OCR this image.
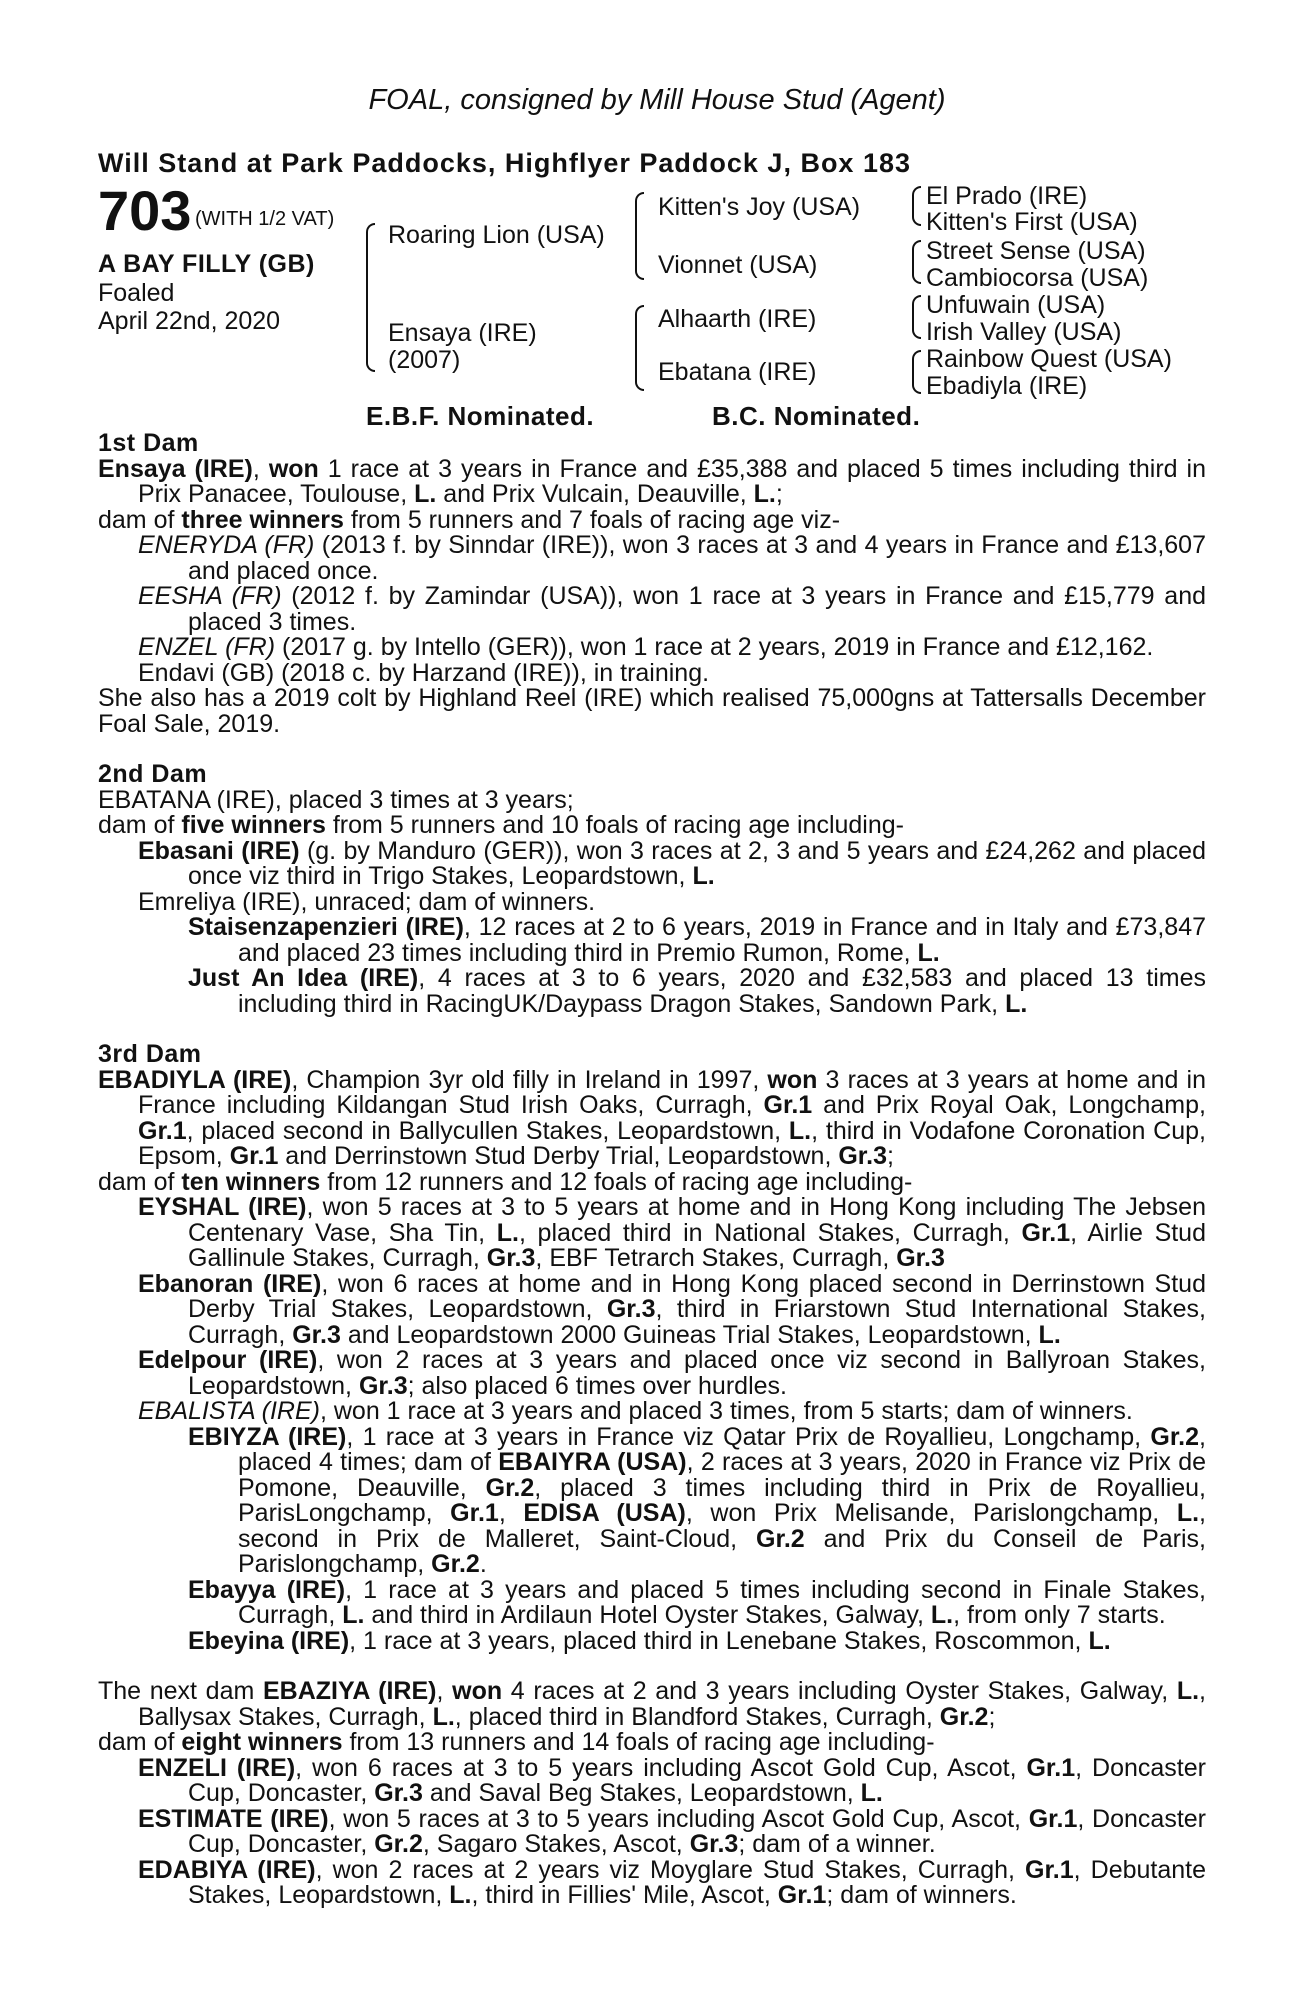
FOAL, consigned by Mill House Stud (Agent)
Will Stand at Park Paddocks, Highflyer Paddock J, Box 183
703 (WITH 1/2 VAT)
A BAY FILLY (GB)
Foaled
April 22nd, 2020
Roaring Lion (USA)
Ensaya (IRE)
(2007)
Kitten's Joy (USA)
Vionnet (USA)
Alhaarth (IRE)
Ebatana (IRE)
El Prado (IRE)
Kitten's First (USA)
Street Sense (USA)
Cambiocorsa (USA)
Unfuwain (USA)
Irish Valley (USA)
Rainbow Quest (USA)
Ebadiyla (IRE)
E.B.F. Nominated.	B.C. Nominated.
1st Dam

Ensaya (IRE), won 1 race at 3 years in France and £35,388 and placed 5 times including third in Prix Panacee, Toulouse, L. and Prix Vulcain, Deauville, L.;

dam of three winners from 5 runners and 7 foals of racing age viz-

ENERYDA (FR) (2013 f. by Sinndar (IRE)), won 3 races at 3 and 4 years in France and £13,607 and placed once.

EESHA (FR) (2012 f. by Zamindar (USA)), won 1 race at 3 years in France and £15,779 and placed 3 times.

ENZEL (FR) (2017 g. by Intello (GER)), won 1 race at 2 years, 2019 in France and £12,162.

Endavi (GB) (2018 c. by Harzand (IRE)), in training.

She also has a 2019 colt by Highland Reel (IRE) which realised 75,000gns at Tattersalls December Foal Sale, 2019.

2nd Dam

EBATANA (IRE), placed 3 times at 3 years;

dam of five winners from 5 runners and 10 foals of racing age including-

Ebasani (IRE) (g. by Manduro (GER)), won 3 races at 2, 3 and 5 years and £24,262 and placed once viz third in Trigo Stakes, Leopardstown, L.

Emreliya (IRE), unraced; dam of winners.

Staisenzapenzieri (IRE), 12 races at 2 to 6 years, 2019 in France and in Italy and £73,847 and placed 23 times including third in Premio Rumon, Rome, L.

Just An Idea (IRE), 4 races at 3 to 6 years, 2020 and £32,583 and placed 13 times including third in RacingUK/Daypass Dragon Stakes, Sandown Park, L.

3rd Dam

EBADIYLA (IRE), Champion 3yr old filly in Ireland in 1997, won 3 races at 3 years at home and in France including Kildangan Stud Irish Oaks, Curragh, Gr.1 and Prix Royal Oak, Longchamp, Gr.1, placed second in Ballycullen Stakes, Leopardstown, L., third in Vodafone Coronation Cup, Epsom, Gr.1 and Derrinstown Stud Derby Trial, Leopardstown, Gr.3;

dam of ten winners from 12 runners and 12 foals of racing age including-

EYSHAL (IRE), won 5 races at 3 to 5 years at home and in Hong Kong including The Jebsen Centenary Vase, Sha Tin, L., placed third in National Stakes, Curragh, Gr.1, Airlie Stud Gallinule Stakes, Curragh, Gr.3, EBF Tetrarch Stakes, Curragh, Gr.3

Ebanoran (IRE), won 6 races at home and in Hong Kong placed second in Derrinstown Stud Derby Trial Stakes, Leopardstown, Gr.3, third in Friarstown Stud International Stakes, Curragh, Gr.3 and Leopardstown 2000 Guineas Trial Stakes, Leopardstown, L.

Edelpour (IRE), won 2 races at 3 years and placed once viz second in Ballyroan Stakes, Leopardstown, Gr.3; also placed 6 times over hurdles.

EBALISTA (IRE), won 1 race at 3 years and placed 3 times, from 5 starts; dam of winners.

EBIYZA (IRE), 1 race at 3 years in France viz Qatar Prix de Royallieu, Longchamp, Gr.2, placed 4 times; dam of EBAIYRA (USA), 2 races at 3 years, 2020 in France viz Prix de Pomone, Deauville, Gr.2, placed 3 times including third in Prix de Royallieu, ParisLongchamp, Gr.1, EDISA (USA), won Prix Melisande, Parislongchamp, L., second in Prix de Malleret, Saint-Cloud, Gr.2 and Prix du Conseil de Paris, Parislongchamp, Gr.2.

Ebayya (IRE), 1 race at 3 years and placed 5 times including second in Finale Stakes, Curragh, L. and third in Ardilaun Hotel Oyster Stakes, Galway, L., from only 7 starts.

Ebeyina (IRE), 1 race at 3 years, placed third in Lenebane Stakes, Roscommon, L.

The next dam EBAZIYA (IRE), won 4 races at 2 and 3 years including Oyster Stakes, Galway, L., Ballysax Stakes, Curragh, L., placed third in Blandford Stakes, Curragh, Gr.2;

dam of eight winners from 13 runners and 14 foals of racing age including-

ENZELI (IRE), won 6 races at 3 to 5 years including Ascot Gold Cup, Ascot, Gr.1, Doncaster Cup, Doncaster, Gr.3 and Saval Beg Stakes, Leopardstown, L.

ESTIMATE (IRE), won 5 races at 3 to 5 years including Ascot Gold Cup, Ascot, Gr.1, Doncaster Cup, Doncaster, Gr.2, Sagaro Stakes, Ascot, Gr.3; dam of a winner.

EDABIYA (IRE), won 2 races at 2 years viz Moyglare Stud Stakes, Curragh, Gr.1, Debutante Stakes, Leopardstown, L., third in Fillies' Mile, Ascot, Gr.1; dam of winners.
